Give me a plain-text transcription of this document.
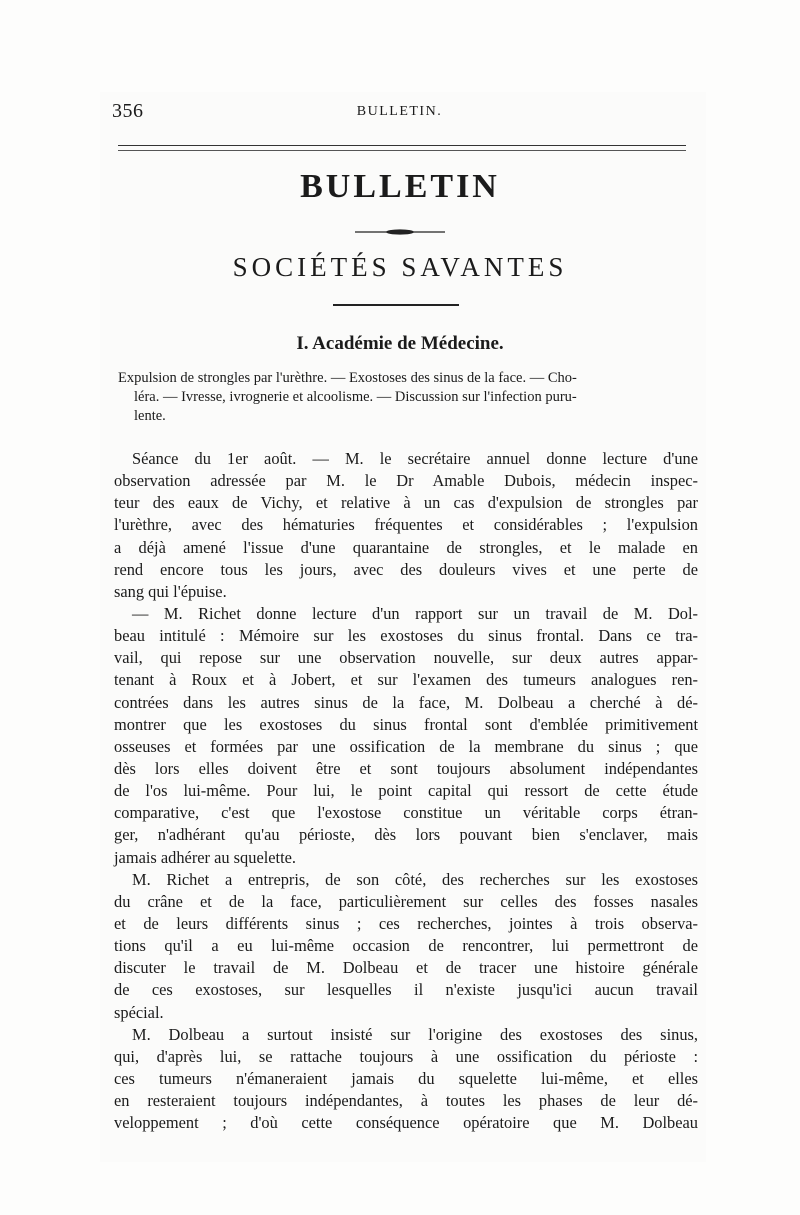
356	BULLETIN.
BULLETIN
SOCIÉTÉS SAVANTES
I. Académie de Médecine.
Expulsion de strongles par l'urèthre. — Exostoses des sinus de la face. — Cho-
léra. — Ivresse, ivrognerie et alcoolisme. — Discussion sur l'infection puru-
lente.
Séance du 1er août. — M. le secrétaire annuel donne lecture d'une
observation adressée par M. le Dr Amable Dubois, médecin inspec-
teur des eaux de Vichy, et relative à un cas d'expulsion de strongles par
l'urèthre, avec des hématuries fréquentes et considérables ; l'expulsion
a déjà amené l'issue d'une quarantaine de strongles, et le malade en
rend encore tous les jours, avec des douleurs vives et une perte de
sang qui l'épuise.
— M. Richet donne lecture d'un rapport sur un travail de M. Dol-
beau intitulé : Mémoire sur les exostoses du sinus frontal. Dans ce tra-
vail, qui repose sur une observation nouvelle, sur deux autres appar-
tenant à Roux et à Jobert, et sur l'examen des tumeurs analogues ren-
contrées dans les autres sinus de la face, M. Dolbeau a cherché à dé-
montrer que les exostoses du sinus frontal sont d'emblée primitivement
osseuses et formées par une ossification de la membrane du sinus ; que
dès lors elles doivent être et sont toujours absolument indépendantes
de l'os lui-même. Pour lui, le point capital qui ressort de cette étude
comparative, c'est que l'exostose constitue un véritable corps étran-
ger, n'adhérant qu'au périoste, dès lors pouvant bien s'enclaver, mais
jamais adhérer au squelette.
M. Richet a entrepris, de son côté, des recherches sur les exostoses
du crâne et de la face, particulièrement sur celles des fosses nasales
et de leurs différents sinus ; ces recherches, jointes à trois observa-
tions qu'il a eu lui-même occasion de rencontrer, lui permettront de
discuter le travail de M. Dolbeau et de tracer une histoire générale
de ces exostoses, sur lesquelles il n'existe jusqu'ici aucun travail
spécial.
M. Dolbeau a surtout insisté sur l'origine des exostoses des sinus,
qui, d'après lui, se rattache toujours à une ossification du périoste :
ces tumeurs n'émaneraient jamais du squelette lui-même, et elles
en resteraient toujours indépendantes, à toutes les phases de leur dé-
veloppement ; d'où cette conséquence opératoire que M. Dolbeau
